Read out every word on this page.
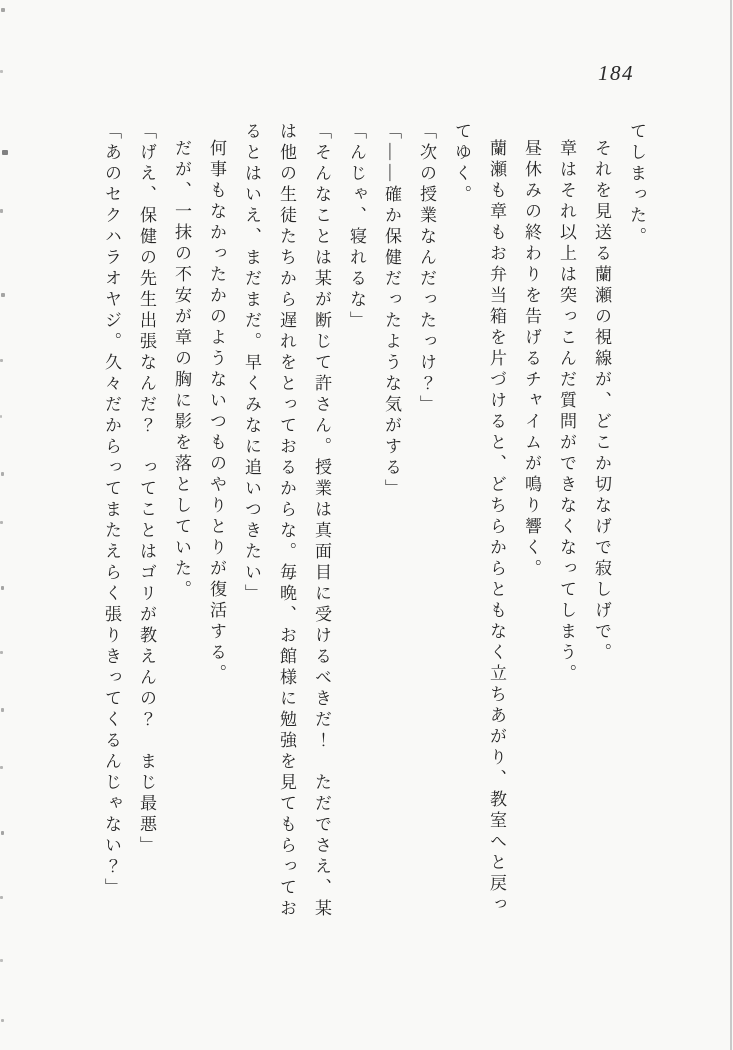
184

てしまった。

それを見送る蘭瀬の視線が、どこか切なげで寂しげで。

章はそれ以上は突っこんだ質問ができなくなってしまう。

昼休みの終わりを告げるチャイムが鳴り響く。

蘭瀬も章もお弁当箱を片づけると、どちらからともなく立ちあがり、教室へと戻ってゆく。

「次の授業なんだったっけ？」

「――確か保健だったような気がする」

「んじゃ、寝れるな」

「そんなことは某が断じて許さん。授業は真面目に受けるべきだ！　ただでさえ、某は他の生徒たちから遅れをとっておるからな。毎晩、お館様に勉強を見てもらっておるとはいえ、まだまだ。早くみなに追いつきたい」

何事もなかったかのようないつものやりとりが復活する。

だが、一抹の不安が章の胸に影を落としていた。

「げえ、保健の先生出張なんだ？　ってことはゴリが教えんの？　まじ最悪」

「あのセクハラオヤジ。久々だからってまたえらく張りきってくるんじゃない？」
